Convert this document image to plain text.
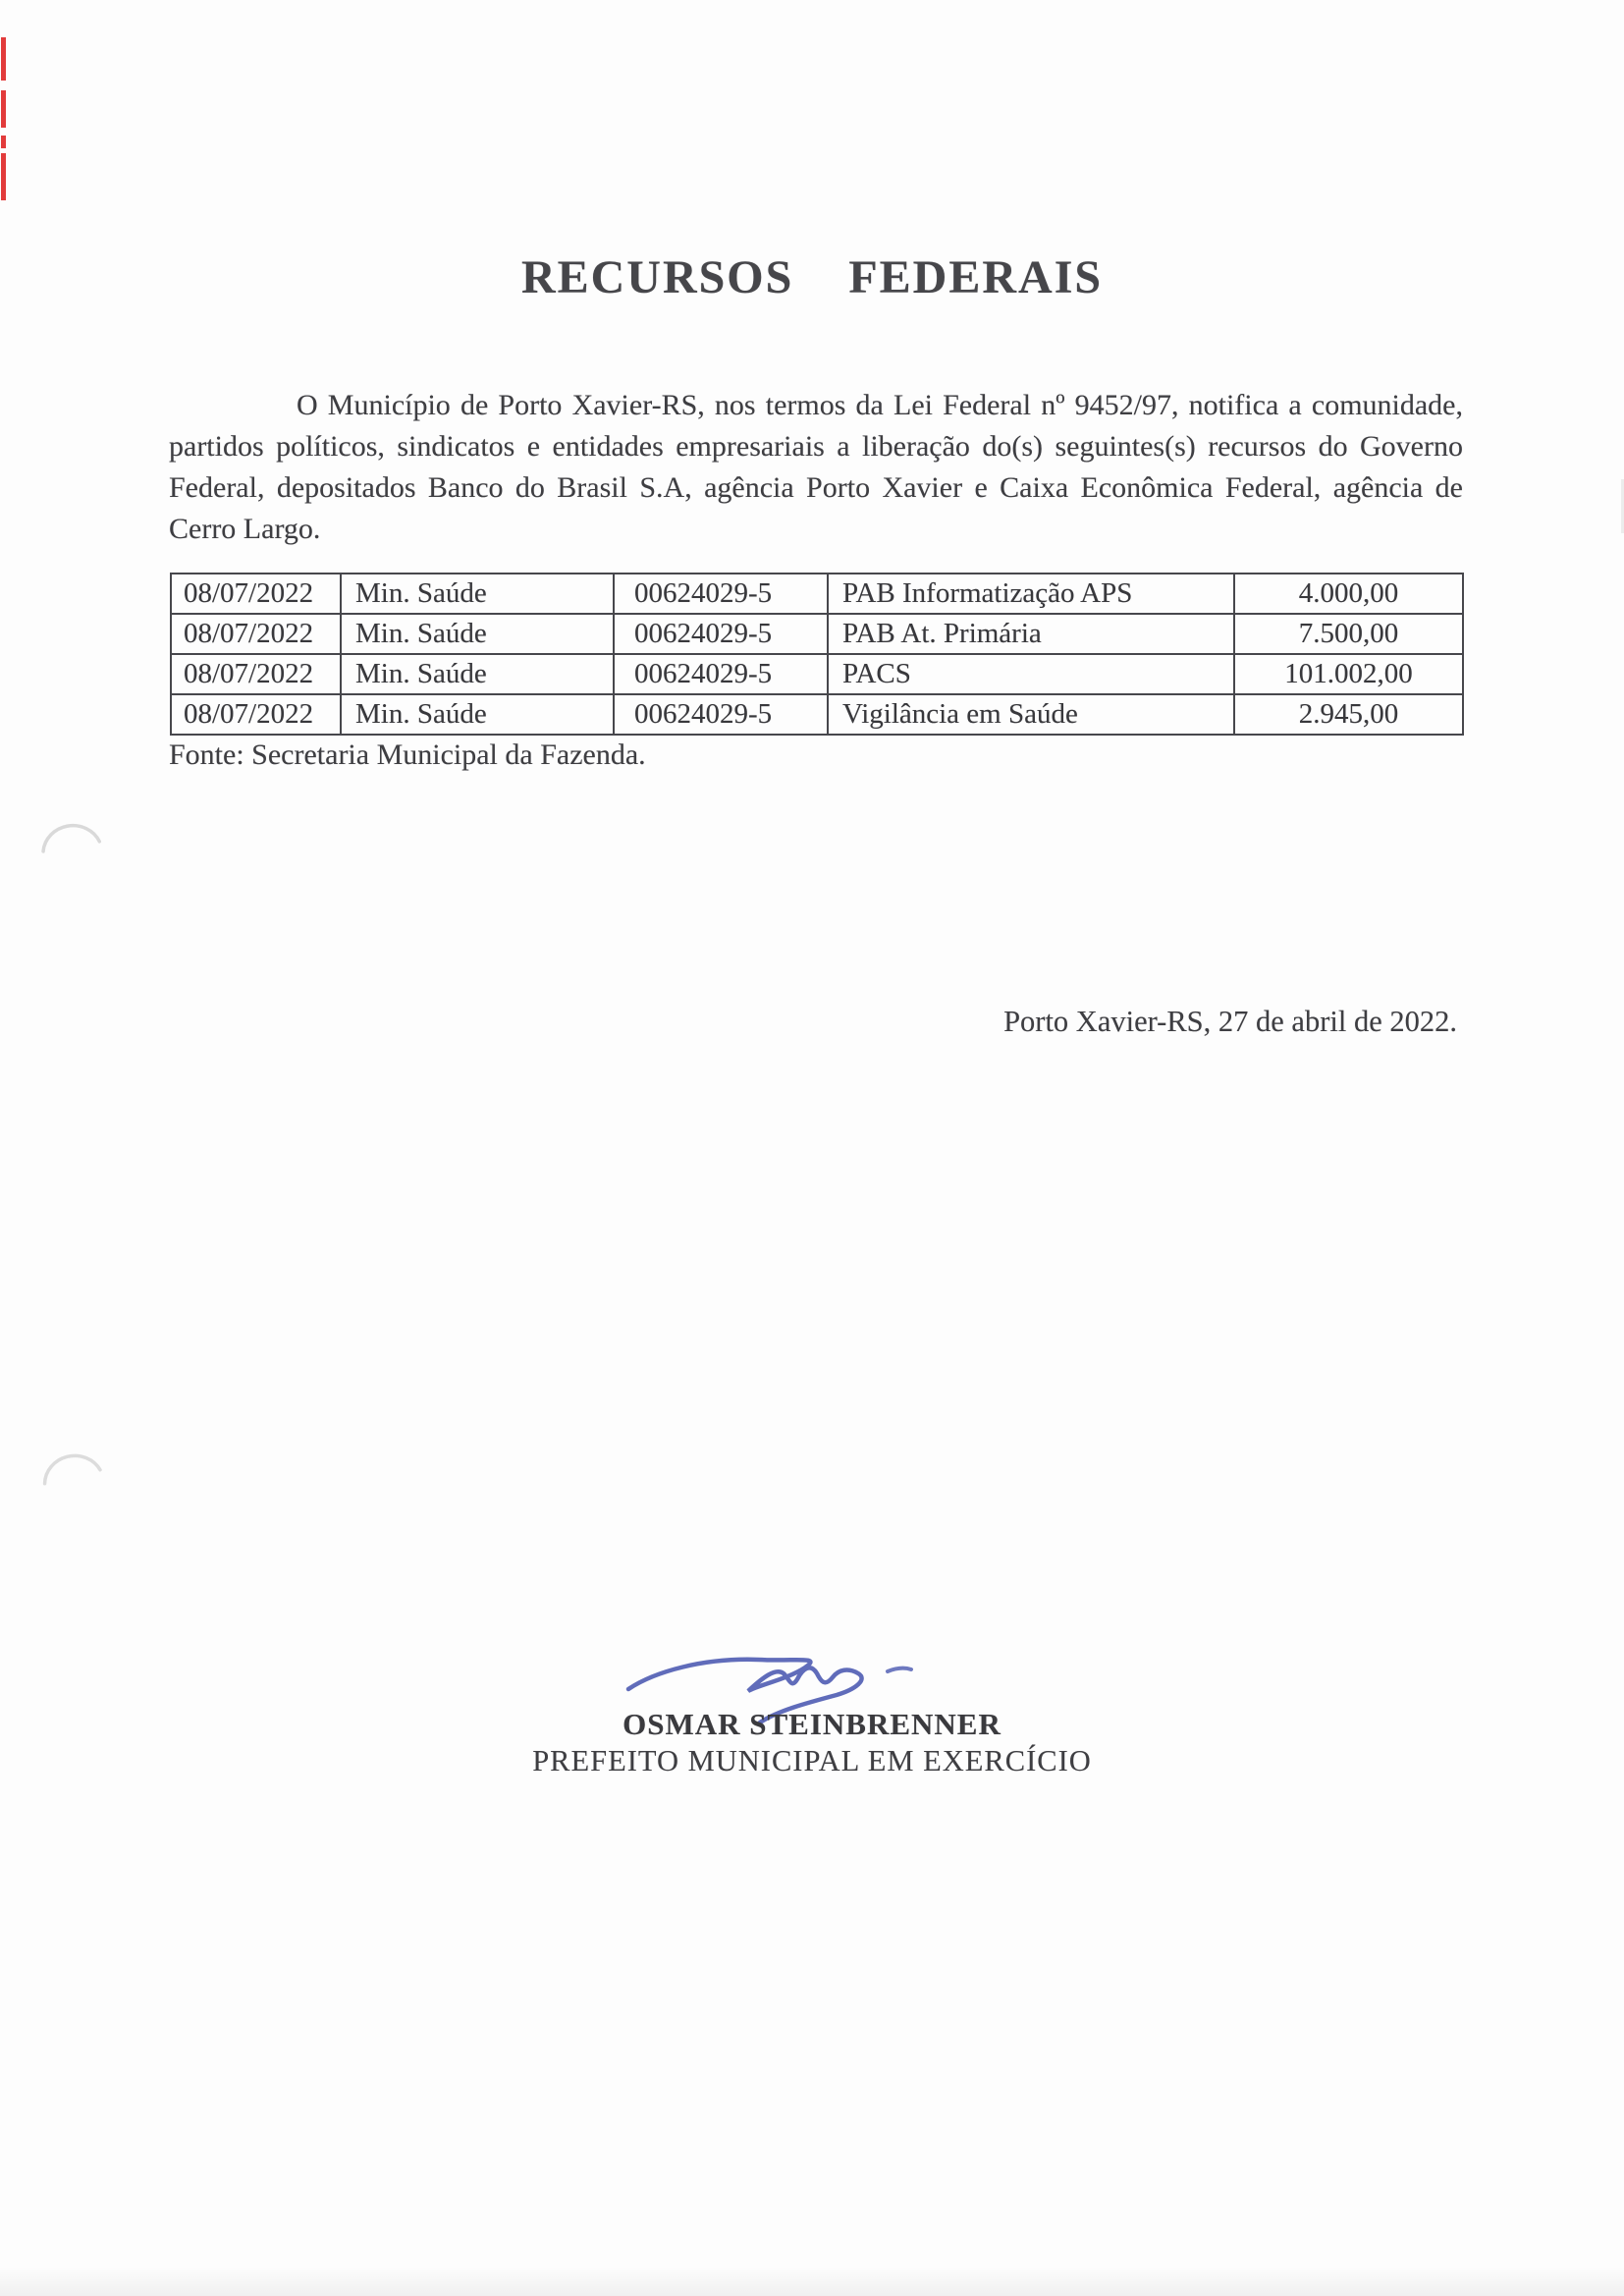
RECURSOS FEDERAIS

O Município de Porto Xavier-RS, nos termos da Lei Federal nº 9452/97, notifica a comunidade, partidos políticos, sindicatos e entidades empresariais a liberação do(s) seguintes(s) recursos do Governo Federal, depositados Banco do Brasil S.A, agência Porto Xavier e Caixa Econômica Federal, agência de Cerro Largo.

08/07/2022	Min. Saúde	00624029-5	PAB Informatização APS	4.000,00
08/07/2022	Min. Saúde	00624029-5	PAB At. Primária	7.500,00
08/07/2022	Min. Saúde	00624029-5	PACS	101.002,00
08/07/2022	Min. Saúde	00624029-5	Vigilância em Saúde	2.945,00

Fonte: Secretaria Municipal da Fazenda.

Porto Xavier-RS, 27 de abril de 2022.

OSMAR STEINBRENNER
PREFEITO MUNICIPAL EM EXERCÍCIO
